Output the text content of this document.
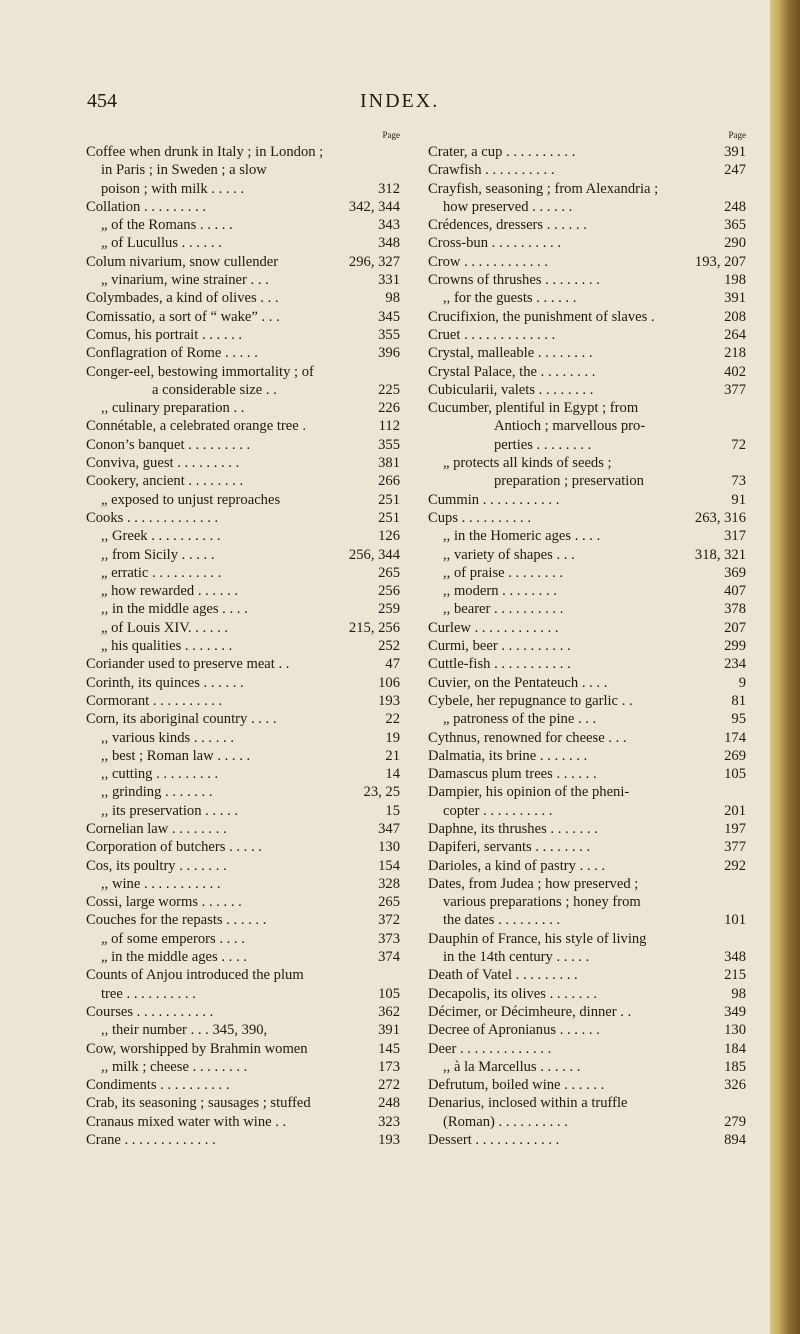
454	INDEX.
Page
Coffee when drunk in Italy ; in London ;
in Paris ; in Sweden ; a slow
poison ; with milk . . . . .	312
Collation . . . . . . . . .	342, 344
„ of the Romans . . . . .	343
„ of Lucullus . . . . . .	348
Colum nivarium, snow cullender	296, 327
„ vinarium, wine strainer . . .	331
Colymbades, a kind of olives . . .	98
Comissatio, a sort of “ wake” . . .	345
Comus, his portrait . . . . . .	355
Conflagration of Rome . . . . .	396
Conger-eel, bestowing immortality ; of
a considerable size . .	225
,, culinary preparation . .	226
Connétable, a celebrated orange tree .	112
Conon’s banquet . . . . . . . . .	355
Conviva, guest . . . . . . . . .	381
Cookery, ancient . . . . . . . .	266
„ exposed to unjust reproaches	251
Cooks . . . . . . . . . . . . .	251
,, Greek . . . . . . . . . .	126
,, from Sicily . . . . .	256, 344
„ erratic . . . . . . . . . .	265
„ how rewarded . . . . . .	256
,, in the middle ages . . . .	259
„ of Louis XIV. . . . . .	215, 256
„ his qualities . . . . . . .	252
Coriander used to preserve meat . .	47
Corinth, its quinces . . . . . .	106
Cormorant . . . . . . . . . .	193
Corn, its aboriginal country . . . .	22
,, various kinds . . . . . .	19
,, best ; Roman law . . . . .	21
,, cutting . . . . . . . . .	14
,, grinding . . . . . . .	23, 25
,, its preservation . . . . .	15
Cornelian law . . . . . . . .	347
Corporation of butchers . . . . .	130
Cos, its poultry . . . . . . .	154
,, wine . . . . . . . . . . .	328
Cossi, large worms . . . . . .	265
Couches for the repasts . . . . . .	372
„ of some emperors . . . .	373
„ in the middle ages . . . .	374
Counts of Anjou introduced the plum
tree . . . . . . . . . .	105
Courses . . . . . . . . . . .	362
,, their number . . . 345, 390,	391
Cow, worshipped by Brahmin women	145
,, milk ; cheese . . . . . . . .	173
Condiments . . . . . . . . . .	272
Crab, its seasoning ; sausages ; stuffed	248
Cranaus mixed water with wine . .	323
Crane . . . . . . . . . . . . .	193
Page
Crater, a cup . . . . . . . . . .	391
Crawfish . . . . . . . . . .	247
Crayfish, seasoning ; from Alexandria ;
how preserved . . . . . .	248
Crédences, dressers . . . . . .	365
Cross-bun . . . . . . . . . .	290
Crow . . . . . . . . . . . .	193, 207
Crowns of thrushes . . . . . . . .	198
,, for the guests . . . . . .	391
Crucifixion, the punishment of slaves .	208
Cruet . . . . . . . . . . . . .	264
Crystal, malleable . . . . . . . .	218
Crystal Palace, the . . . . . . . .	402
Cubicularii, valets . . . . . . . .	377
Cucumber, plentiful in Egypt ; from
Antioch ; marvellous pro-
perties . . . . . . . .	72
„ protects all kinds of seeds ;
preparation ; preservation	73
Cummin . . . . . . . . . . .	91
Cups . . . . . . . . . .	263, 316
,, in the Homeric ages . . . .	317
,, variety of shapes . . .	318, 321
,, of praise . . . . . . . .	369
,, modern . . . . . . . .	407
,, bearer . . . . . . . . . .	378
Curlew . . . . . . . . . . . .	207
Curmi, beer . . . . . . . . . .	299
Cuttle-fish . . . . . . . . . . .	234
Cuvier, on the Pentateuch . . . .	9
Cybele, her repugnance to garlic . .	81
„ patroness of the pine . . .	95
Cythnus, renowned for cheese . . .	174
Dalmatia, its brine . . . . . . .	269
Damascus plum trees . . . . . .	105
Dampier, his opinion of the pheni-
copter . . . . . . . . . .	201
Daphne, its thrushes . . . . . . .	197
Dapiferi, servants . . . . . . . .	377
Darioles, a kind of pastry . . . .	292
Dates, from Judea ; how preserved ;
various preparations ; honey from
the dates . . . . . . . . .	101
Dauphin of France, his style of living
in the 14th century . . . . .	348
Death of Vatel . . . . . . . . .	215
Decapolis, its olives . . . . . . .	98
Décimer, or Décimheure, dinner . .	349
Decree of Apronianus . . . . . .	130
Deer . . . . . . . . . . . . .	184
,, à la Marcellus . . . . . .	185
Defrutum, boiled wine . . . . . .	326
Denarius, inclosed within a truffle
(Roman) . . . . . . . . . .	279
Dessert . . . . . . . . . . . .	894
